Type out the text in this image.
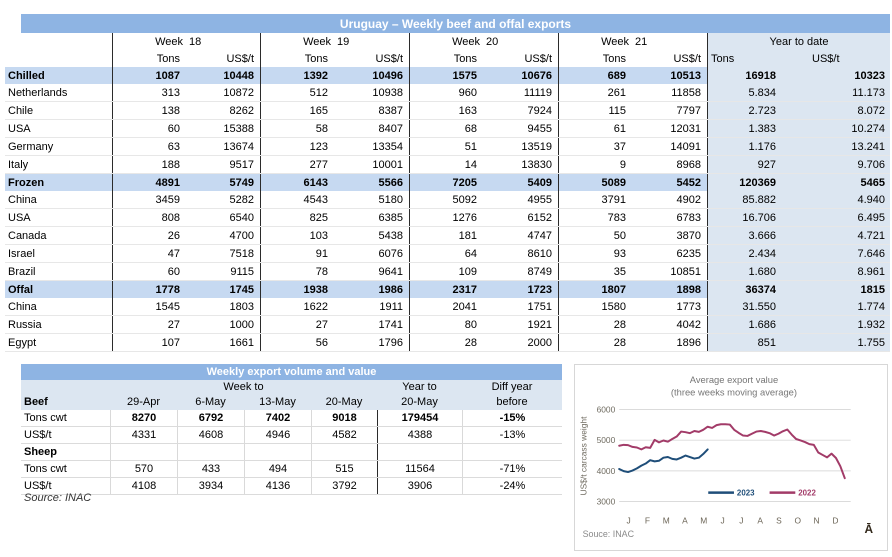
Uruguay – Weekly beef and offal exports
Week 18	Week 19	Week 20	Week 21	Year to date
Tons	US$/t	Tons	US$/t	Tons	US$/t	Tons	US$/t Tons	US$/t
Chilled	1087	10448	1392	10496	1575	10676	689	10513	16918	10323
Netherlands	313	10872	512	10938	960	11119	261	11858	5.834	11.173
Chile	138	8262	165	8387	163	7924	115	7797	2.723	8.072
USA	60	15388	58	8407	68	9455	61	12031	1.383	10.274
Germany	63	13674	123	13354	51	13519	37	14091	1.176	13.241
Italy	188	9517	277	10001	14	13830	9	8968	927	9.706
Frozen	4891	5749	6143	5566	7205	5409	5089	5452	120369	5465
China	3459	5282	4543	5180	5092	4955	3791	4902	85.882	4.940
USA	808	6540	825	6385	1276	6152	783	6783	16.706	6.495
Canada	26	4700	103	5438	181	4747	50	3870	3.666	4.721
Israel	47	7518	91	6076	64	8610	93	6235	2.434	7.646
Brazil	60	9115	78	9641	109	8749	35	10851	1.680	8.961
Offal	1778	1745	1938	1986	2317	1723	1807	1898	36374	1815
China	1545	1803	1622	1911	2041	1751	1580	1773	31.550	1.774
Russia	27	1000	27	1741	80	1921	28	4042	1.686	1.932
Egypt	107	1661	56	1796	28	2000	28	1896	851	1.755
Weekly export volume and value
Week to	Year to	Diff year
Beef	29-Apr	6-May	13-May	20-May	20-May	before
Tons cwt	8270	6792	7402	9018	179454	-15%
US$/t	4331	4608	4946	4582	4388	-13%
Sheep
Tons cwt	570	433	494	515	11564	-71%
US$/t	4108	3934	4136	3792	3906	-24%
Source: INAC
Average export value
(three weeks moving average)
US$/t carcass weight
3000
4000
5000
6000
J F M A M J J A S O N D
2023	2022
Souce: INAC	Ā
